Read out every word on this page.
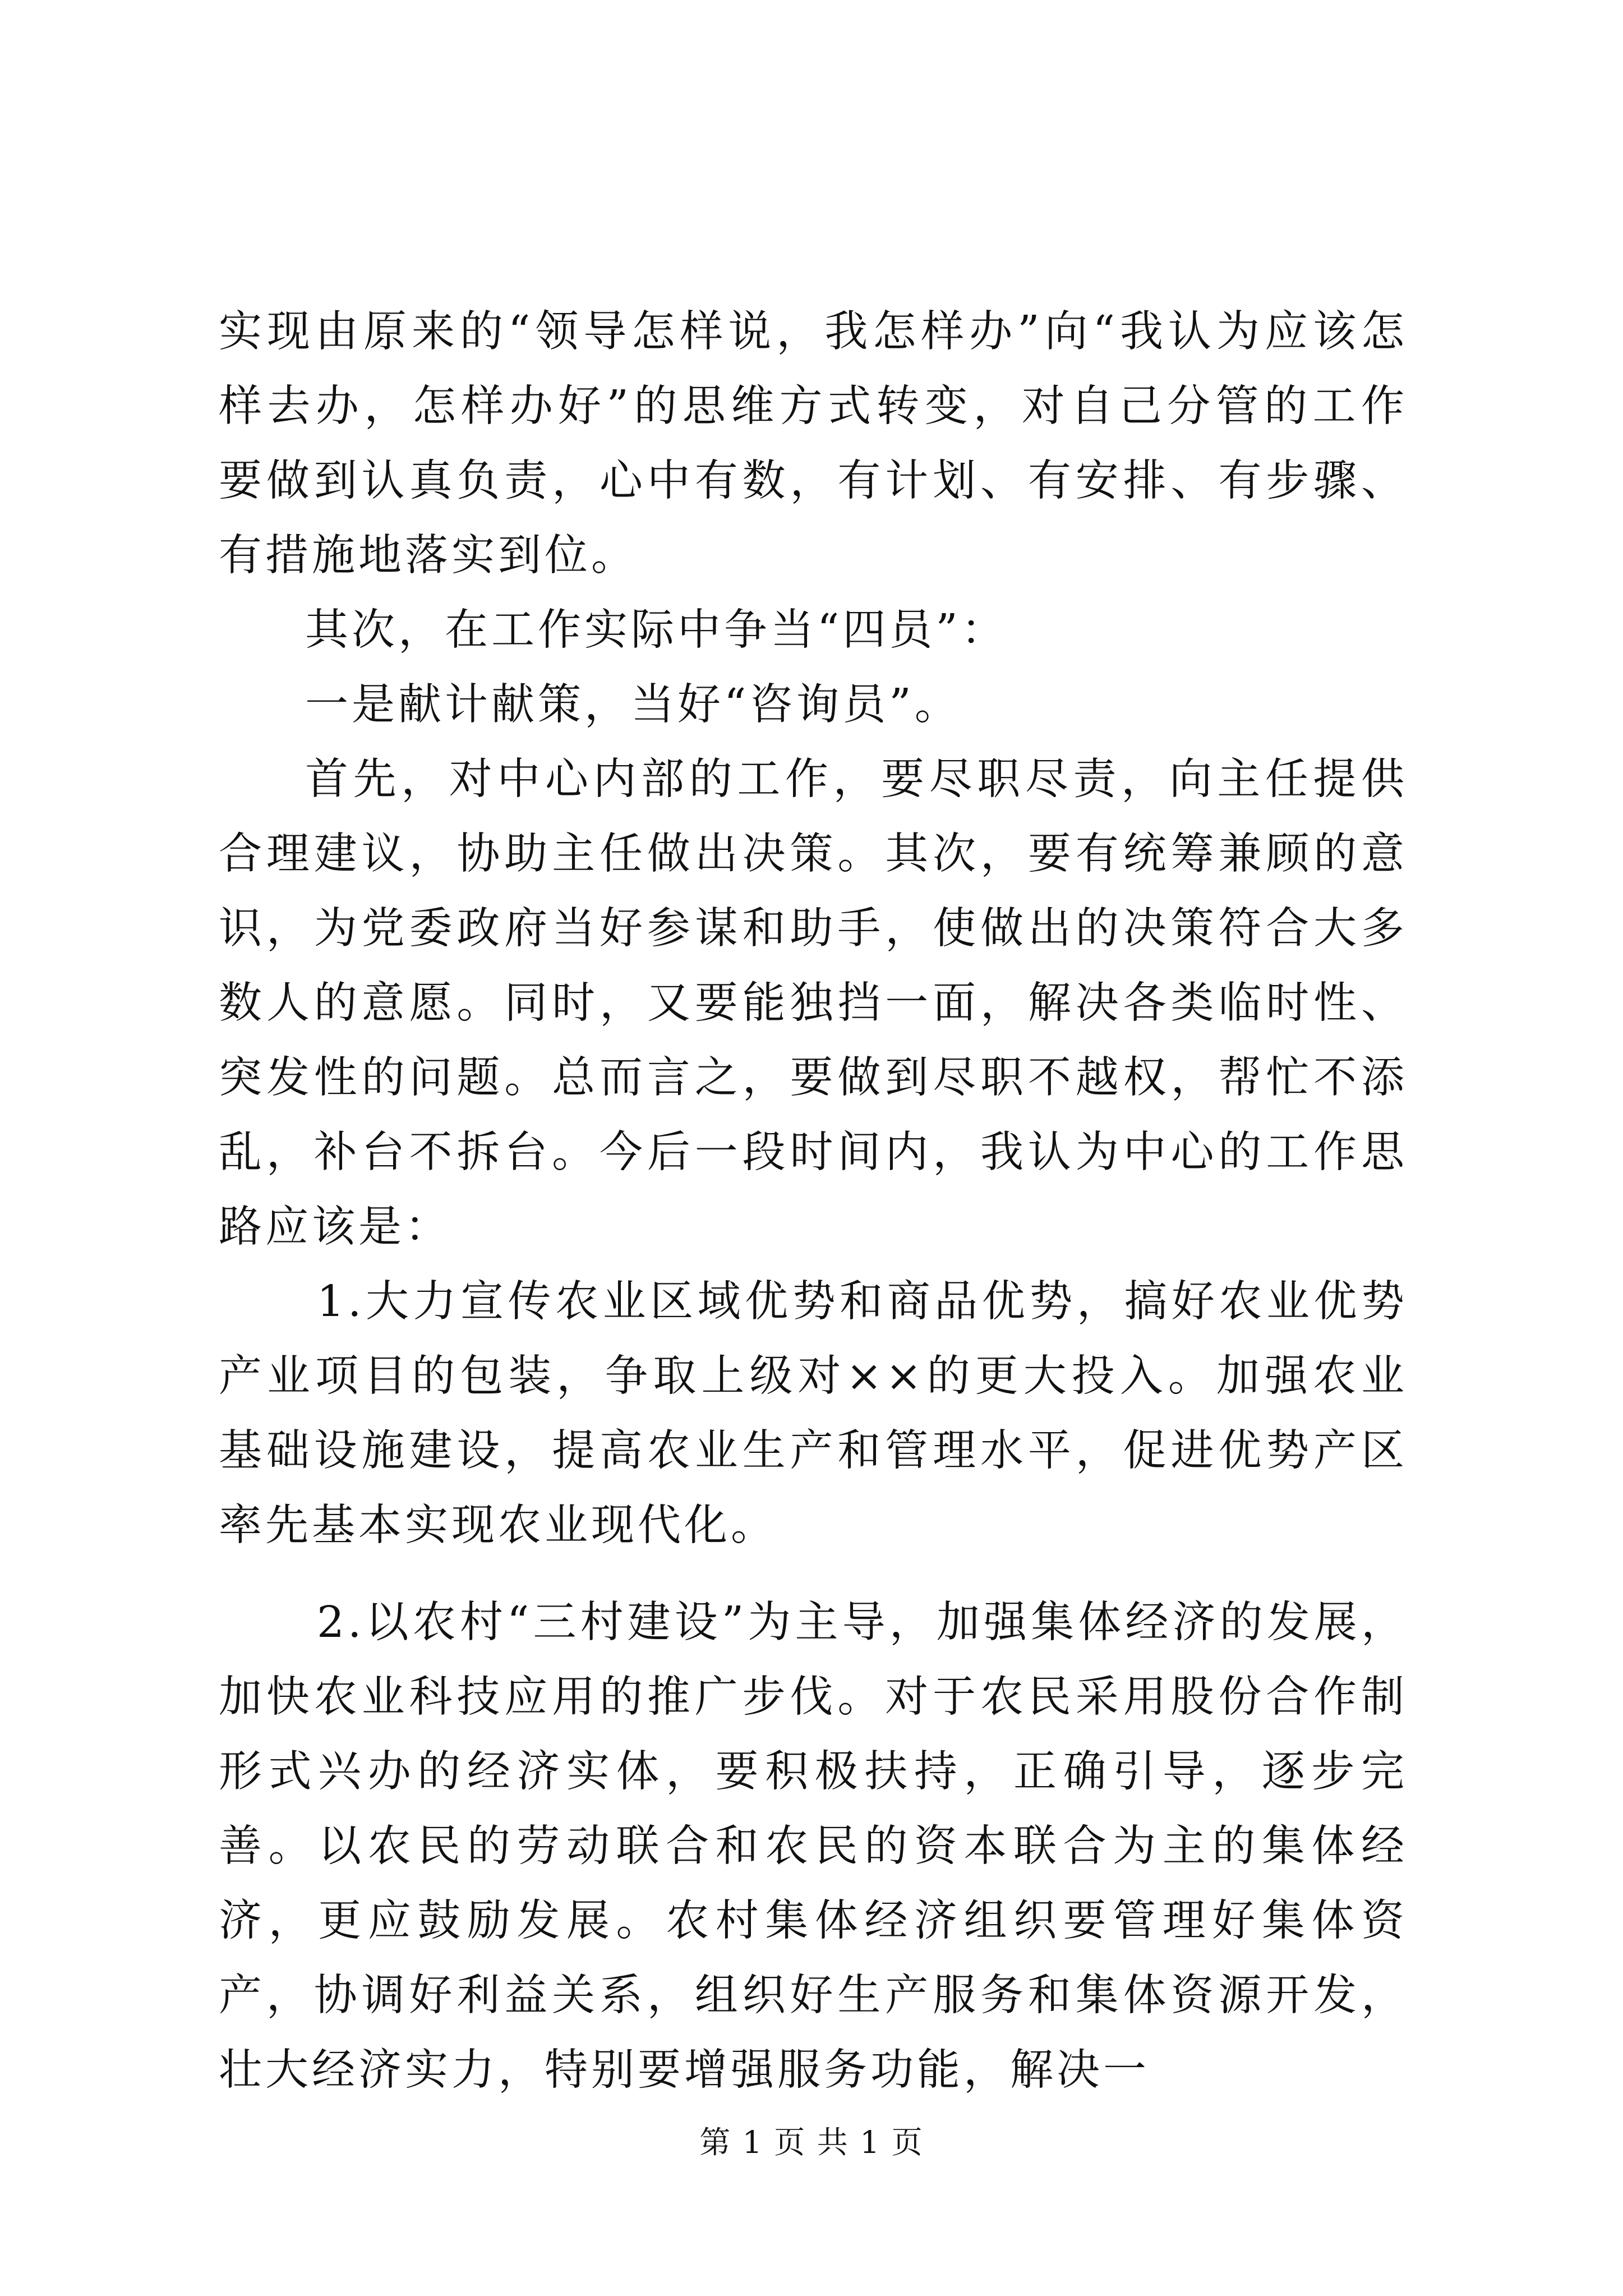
实现由原来的“领导怎样说，我怎样办”向“我认为应该怎样去办，怎样办好”的思维方式转变，对自己分管的工作要做到认真负责，心中有数，有计划、有安排、有步骤、有措施地落实到位。

其次，在工作实际中争当“四员”：

一是献计献策，当好“咨询员”。

首先，对中心内部的工作，要尽职尽责，向主任提供合理建议，协助主任做出决策。其次，要有统筹兼顾的意识，为党委政府当好参谋和助手，使做出的决策符合大多数人的意愿。同时，又要能独挡一面，解决各类临时性、突发性的问题。总而言之，要做到尽职不越权，帮忙不添乱，补台不拆台。今后一段时间内，我认为中心的工作思路应该是：

1.大力宣传农业区域优势和商品优势，搞好农业优势产业项目的包装，争取上级对××的更大投入。加强农业基础设施建设，提高农业生产和管理水平，促进优势产区率先基本实现农业现代化。

2.以农村“三村建设”为主导，加强集体经济的发展，加快农业科技应用的推广步伐。对于农民采用股份合作制形式兴办的经济实体，要积极扶持，正确引导，逐步完善。以农民的劳动联合和农民的资本联合为主的集体经济，更应鼓励发展。农村集体经济组织要管理好集体资产，协调好利益关系，组织好生产服务和集体资源开发，壮大经济实力，特别要增强服务功能，解决一

第 1 页 共 1 页
